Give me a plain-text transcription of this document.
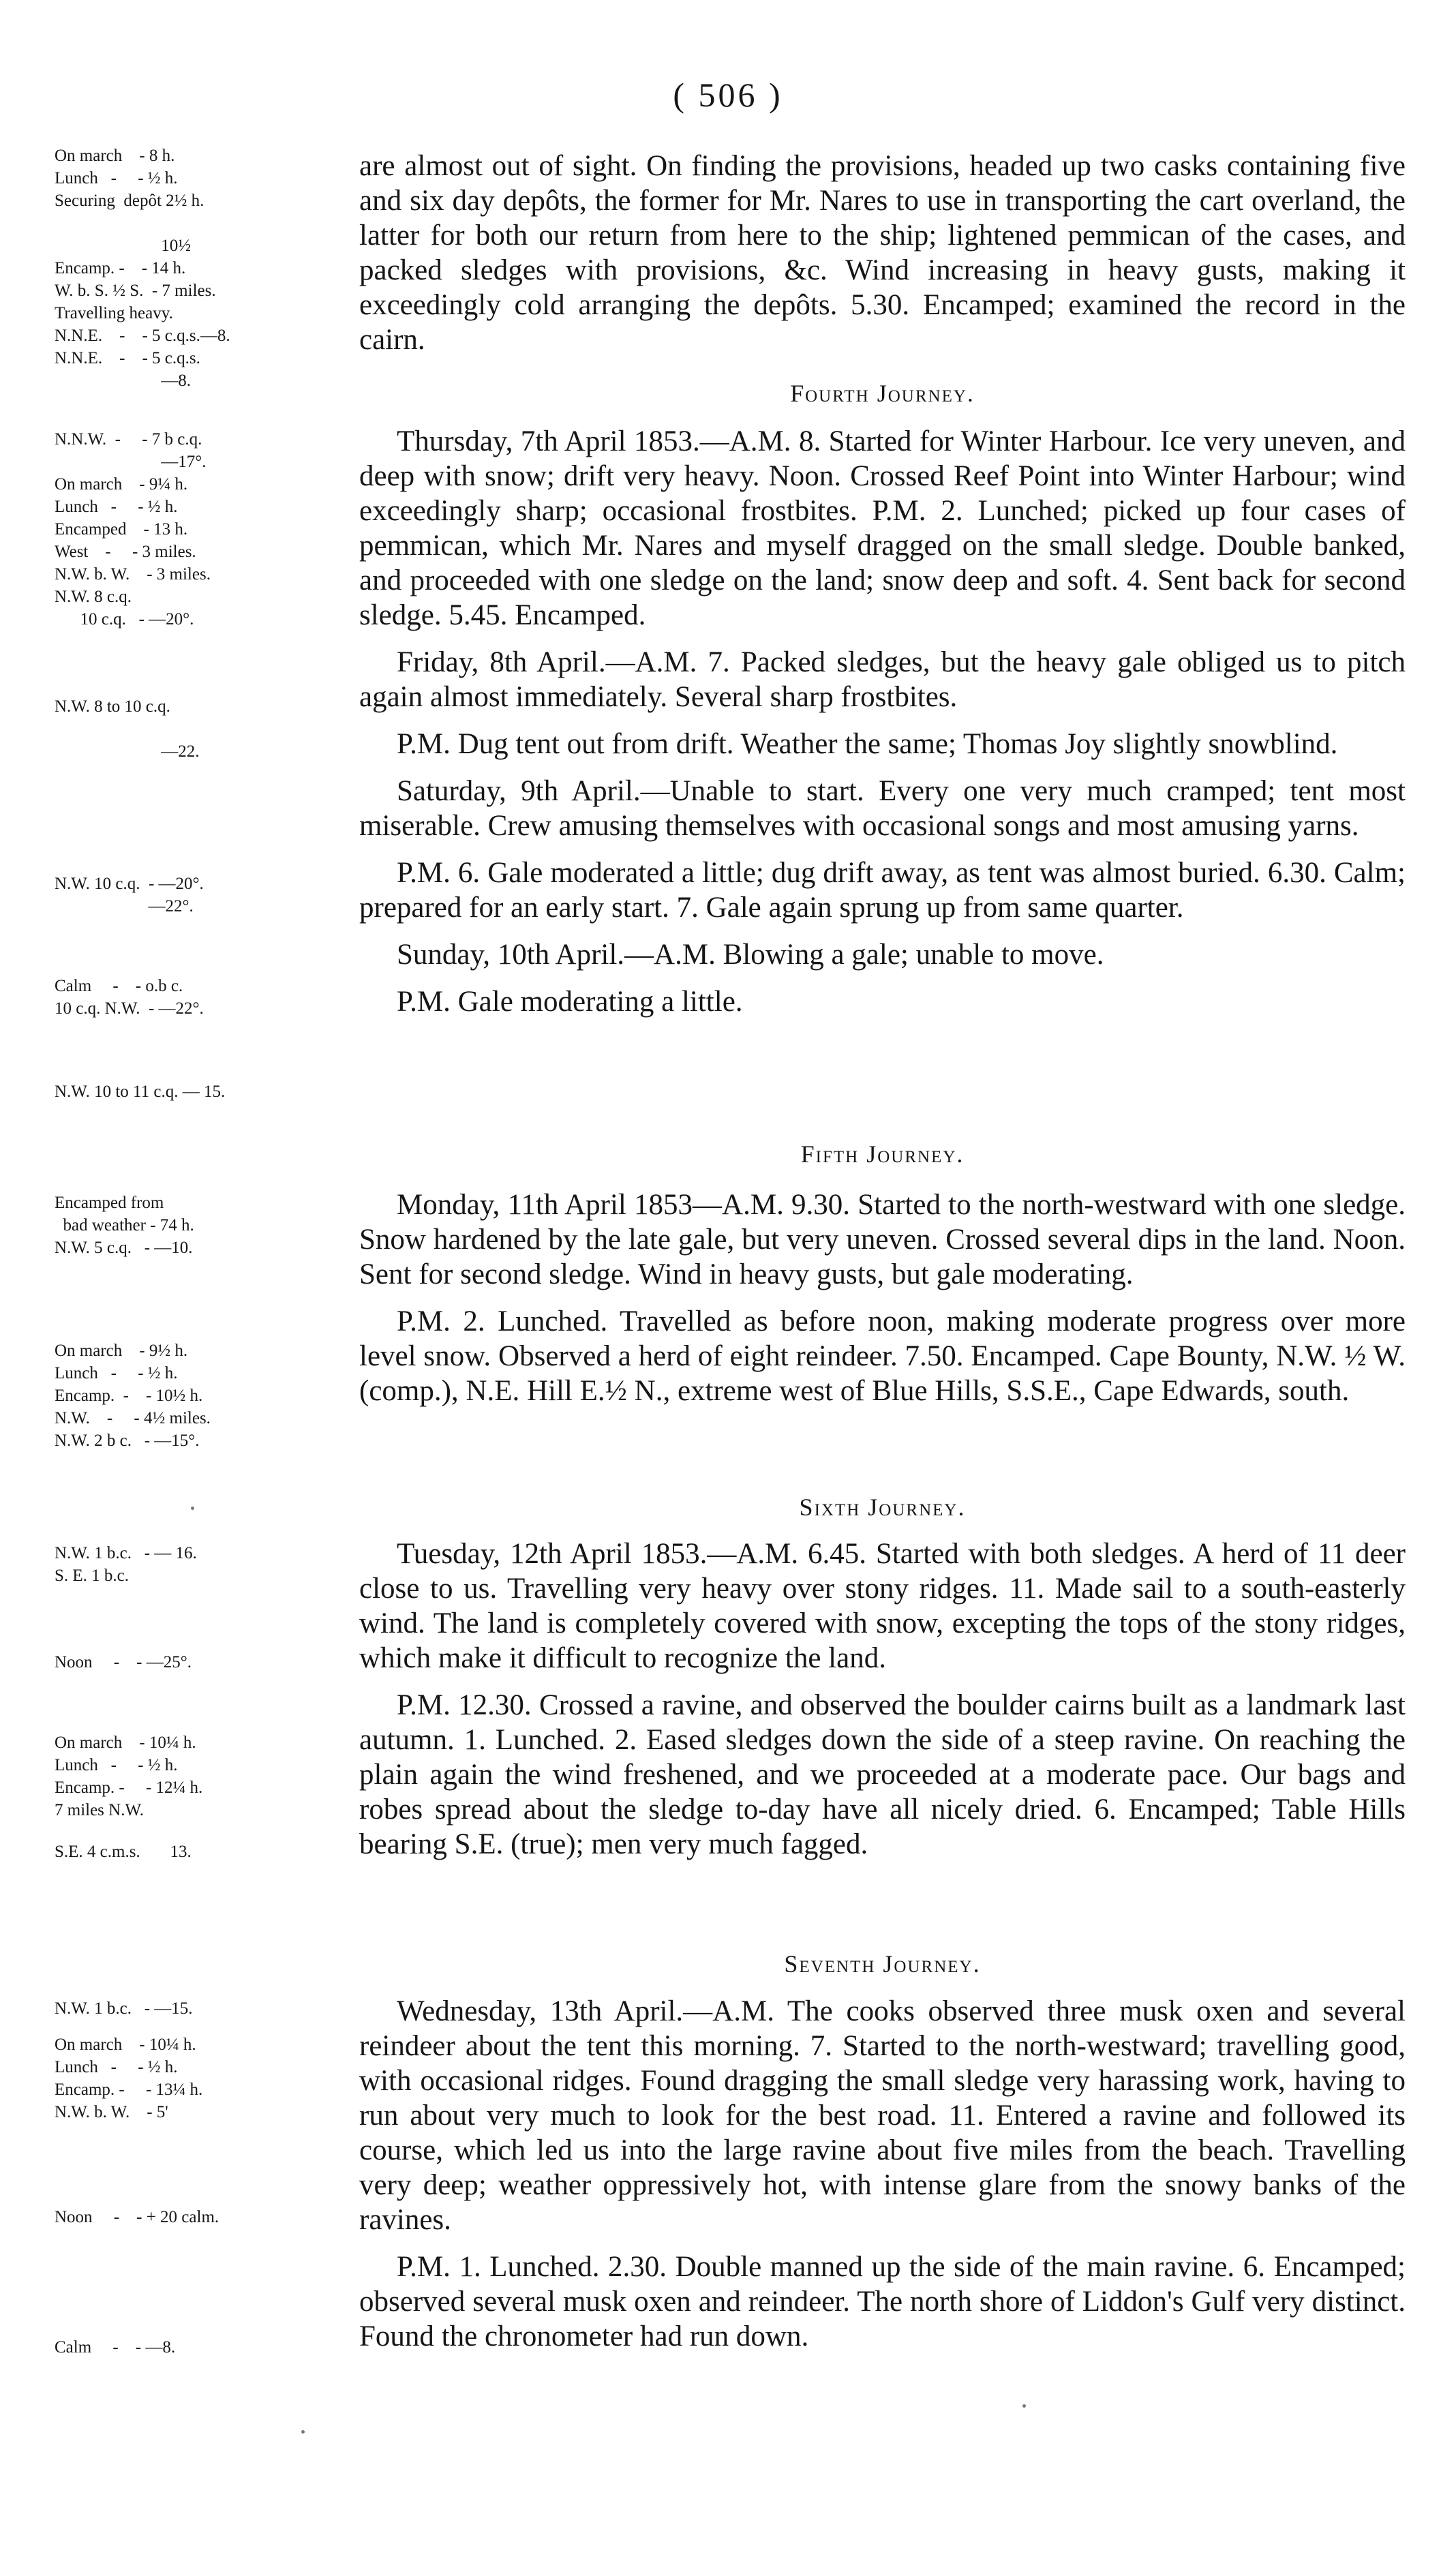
( 506 )
On march    - 8 h.
Lunch   -     - ½ h.
Securing  depôt 2½ h.

10½
Encamp. -    - 14 h.
W. b. S. ½ S.  - 7 miles.
Travelling heavy.
N.N.E.    -    - 5 c.q.s.—8.
N.N.E.    -    - 5 c.q.s.
—8.
N.N.W.  -     - 7 b c.q.
—17°.
On march    - 9¼ h.
Lunch   -     - ½ h.
Encamped    - 13 h.
West    -     - 3 miles.
N.W. b. W.    - 3 miles.
N.W. 8 c.q.
10 c.q.   - —20°.
N.W. 8 to 10 c.q.

—22.
N.W. 10 c.q.  - —20°.
—22°.
Calm     -    - o.b c.
10 c.q. N.W.  - —22°.
N.W. 10 to 11 c.q. — 15.
Encamped from
bad weather - 74 h.
N.W. 5 c.q.   - —10.
On march    - 9½ h.
Lunch   -     - ½ h.
Encamp.  -    - 10½ h.
N.W.    -     - 4½ miles.
N.W. 2 b c.   - —15°.
N.W. 1 b.c.   - — 16.
S. E. 1 b.c.
Noon     -    - —25°.
On march    - 10¼ h.
Lunch   -     - ½ h.
Encamp. -     - 12¼ h.
7 miles N.W.
S.E. 4 c.m.s.       13.
N.W. 1 b.c.   - —15.
On march    - 10¼ h.
Lunch   -     - ½ h.
Encamp. -     - 13¼ h.
N.W. b. W.    - 5'
Noon     -    - + 20 calm.
Calm     -    - —8.

are almost out of sight. On finding the provisions, headed up two casks containing five and six day depôts, the former for Mr. Nares to use in transporting the cart overland, the latter for both our return from here to the ship; lightened pemmican of the cases, and packed sledges with provisions, &c. Wind increasing in heavy gusts, making it exceedingly cold arranging the depôts. 5.30. Encamped; examined the record in the cairn.

Fourth Journey.

Thursday, 7th April 1853.—A.M. 8. Started for Winter Harbour. Ice very uneven, and deep with snow; drift very heavy. Noon. Crossed Reef Point into Winter Harbour; wind exceedingly sharp; occasional frostbites. P.M. 2. Lunched; picked up four cases of pemmican, which Mr. Nares and myself dragged on the small sledge. Double banked, and proceeded with one sledge on the land; snow deep and soft. 4. Sent back for second sledge. 5.45. Encamped.

Friday, 8th April.—A.M. 7. Packed sledges, but the heavy gale obliged us to pitch again almost immediately. Several sharp frostbites.

P.M. Dug tent out from drift. Weather the same; Thomas Joy slightly snowblind.

Saturday, 9th April.—Unable to start. Every one very much cramped; tent most miserable. Crew amusing themselves with occasional songs and most amusing yarns.

P.M. 6. Gale moderated a little; dug drift away, as tent was almost buried. 6.30. Calm; prepared for an early start. 7. Gale again sprung up from same quarter.

Sunday, 10th April.—A.M. Blowing a gale; unable to move.

P.M. Gale moderating a little.

Fifth Journey.

Monday, 11th April 1853—A.M. 9.30. Started to the north-westward with one sledge. Snow hardened by the late gale, but very uneven. Crossed several dips in the land. Noon. Sent for second sledge. Wind in heavy gusts, but gale moderating.

P.M. 2. Lunched. Travelled as before noon, making moderate progress over more level snow. Observed a herd of eight reindeer. 7.50. Encamped. Cape Bounty, N.W. ½ W. (comp.), N.E. Hill E.½ N., extreme west of Blue Hills, S.S.E., Cape Edwards, south.

Sixth Journey.

Tuesday, 12th April 1853.—A.M. 6.45. Started with both sledges. A herd of 11 deer close to us. Travelling very heavy over stony ridges. 11. Made sail to a south-easterly wind. The land is completely covered with snow, excepting the tops of the stony ridges, which make it difficult to recognize the land.

P.M. 12.30. Crossed a ravine, and observed the boulder cairns built as a landmark last autumn. 1. Lunched. 2. Eased sledges down the side of a steep ravine. On reaching the plain again the wind freshened, and we proceeded at a moderate pace. Our bags and robes spread about the sledge to-day have all nicely dried. 6. Encamped; Table Hills bearing S.E. (true); men very much fagged.

Seventh Journey.

Wednesday, 13th April.—A.M. The cooks observed three musk oxen and several reindeer about the tent this morning. 7. Started to the north-westward; travelling good, with occasional ridges. Found dragging the small sledge very harassing work, having to run about very much to look for the best road. 11. Entered a ravine and followed its course, which led us into the large ravine about five miles from the beach. Travelling very deep; weather oppressively hot, with intense glare from the snowy banks of the ravines.

P.M. 1. Lunched. 2.30. Double manned up the side of the main ravine. 6. Encamped; observed several musk oxen and reindeer. The north shore of Liddon's Gulf very distinct. Found the chronometer had run down.
